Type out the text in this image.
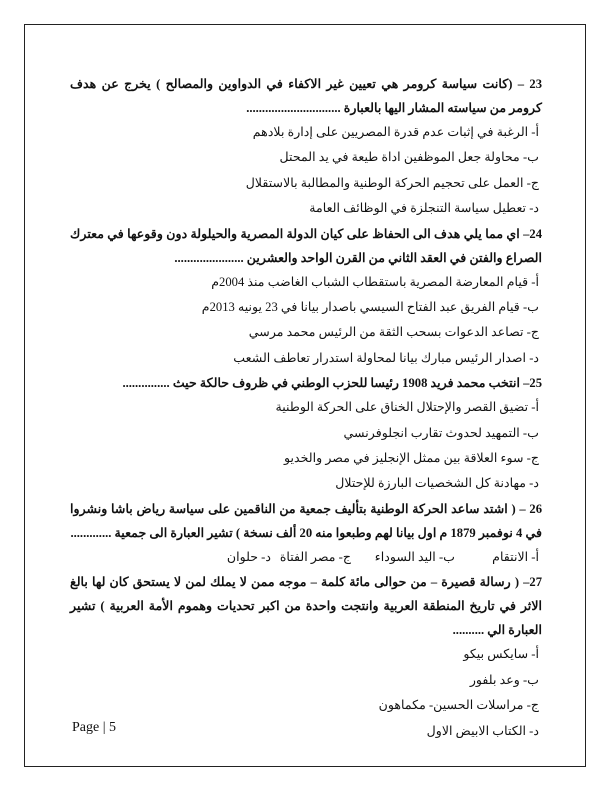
23 – (كانت سياسة كرومر هي تعيين غير الاكفاء في الدواوين والمصالح ) يخرج عن هدف كرومر من سياسته المشار اليها بالعبارة ..............................

أ- الرغبة في إثبات عدم قدرة المصريين على إدارة بلادهم

ب- محاولة جعل الموظفين اداة طيعة في يد المحتل

ج- العمل على تحجيم الحركة الوطنية والمطالبة بالاستقلال

د- تعطيل سياسة التنجلزة في الوظائف العامة

24– اي مما يلي هدف الى الحفاظ على كيان الدولة المصرية والحيلولة دون وقوعها في معترك الصراع والفتن في العقد الثاني من القرن الواحد والعشرين ......................

أ- قيام المعارضة المصرية باستقطاب الشباب الغاضب منذ 2004م

ب- قيام الفريق عبد الفتاح السيسي باصدار بيانا في 23 يونيه 2013م

ج- تصاعد الدعوات بسحب الثقة من الرئيس محمد مرسي

د- اصدار الرئيس مبارك بيانا لمحاولة استدرار تعاطف الشعب

25– انتخب محمد فريد 1908 رئيسا للحزب الوطني في ظروف حالكة حيث ...............

أ- تضيق القصر والإحتلال الخناق على الحركة الوطنية

ب- التمهيد لحدوث تقارب انجلوفرنسي

ج- سوء العلاقة بين ممثل الإنجليز في مصر والخديو

د- مهادنة كل الشخصيات البارزة للإحتلال

26 – ( اشتد ساعد الحركة الوطنية بتأليف جمعية من الناقمين على سياسة رياض باشا ونشروا في 4 نوفمبر 1879 م اول بيانا لهم وطبعوا منه 20 ألف نسخة ) تشير العبارة الى جمعية .............

أ- الانتقام
ب- اليد السوداء
ج- مصر الفتاة
د- حلوان

27– ( رسالة قصيرة – من حوالى مائة كلمة – موجه ممن لا يملك لمن لا يستحق كان لها بالغ الاثر في تاريخ المنطقة العربية وانتجت واحدة من اكبر تحديات وهموم الأمة العربية ) تشير العبارة الي ..........

أ- سايكس بيكو

ب- وعد بلفور

ج- مراسلات الحسين- مكماهون

د- الكتاب الابيض الاول

Page | 5
